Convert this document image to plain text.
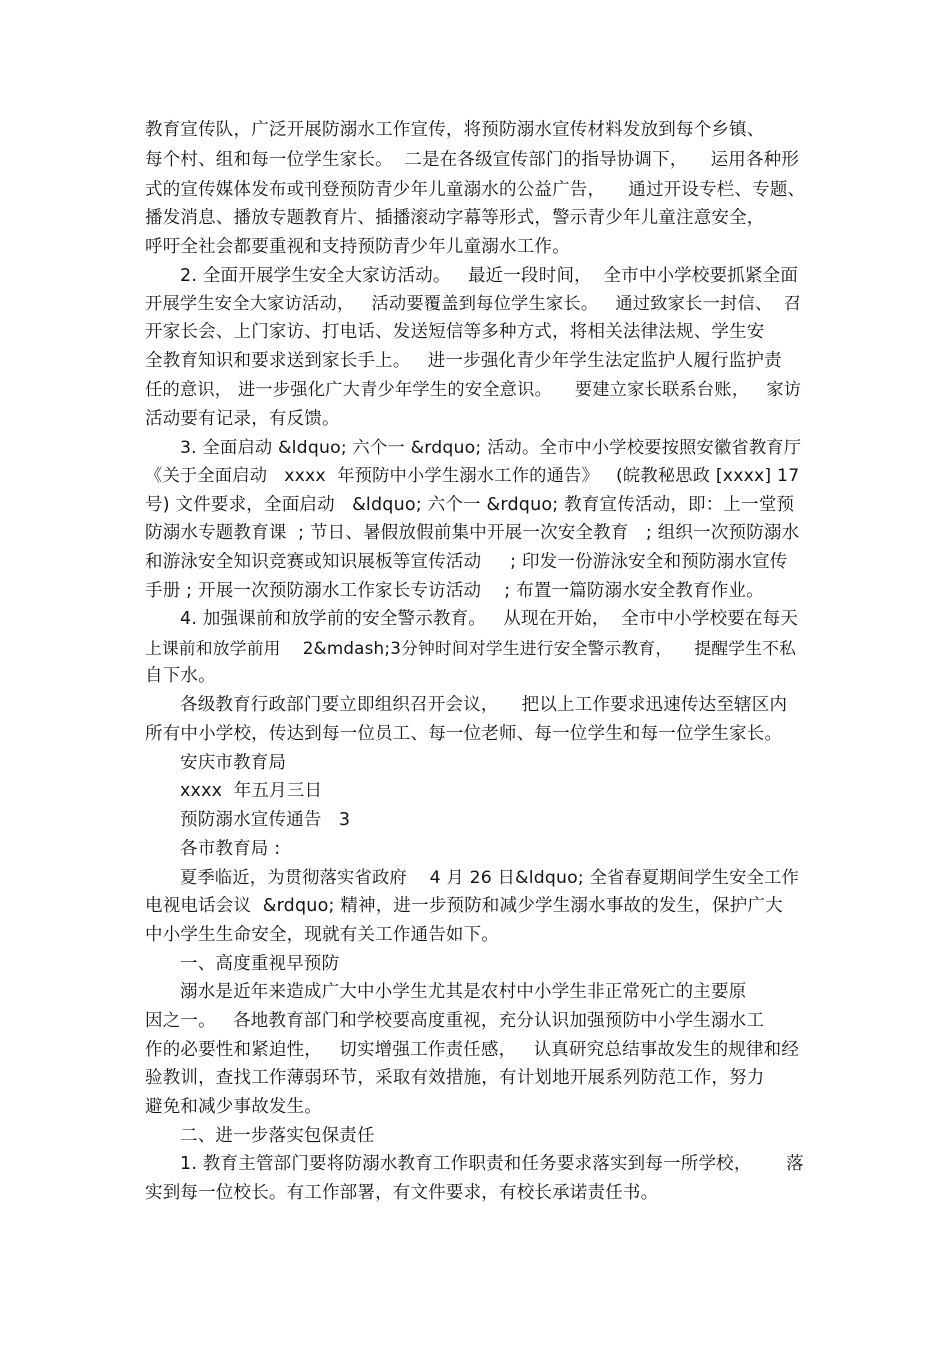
教育宣传队，广泛开展防溺水工作宣传，将预防溺水宣传材料发放到每个乡镇、
每个村、组和每一位学生家长。  二是在各级宣传部门的指导协调下，    运用各种形
式的宣传媒体发布或刊登预防青少年儿童溺水的公益广告，    通过开设专栏、专题、
播发消息、播放专题教育片、插播滚动字幕等形式，警示青少年儿童注意安全，
呼吁全社会都要重视和支持预防青少年儿童溺水工作。
2. 全面开展学生安全大家访活动。   最近一段时间，  全市中小学校要抓紧全面
开展学生安全大家访活动，   活动要覆盖到每位学生家长。   通过致家长一封信、  召
开家长会、上门家访、打电话、发送短信等多种方式，将相关法律法规、学生安
全教育知识和要求送到家长手上。   进一步强化青少年学生法定监护人履行监护责
任的意识， 进一步强化广大青少年学生的安全意识。    要建立家长联系台账，   家访
活动要有记录，有反馈。
3. 全面启动 &ldquo; 六个一 &rdquo; 活动。全市中小学校要按照安徽省教育厅
《关于全面启动   xxxx  年预防中小学生溺水工作的通告》   (皖教秘思政 [xxxx] 17
号) 文件要求，全面启动   &ldquo; 六个一 &rdquo; 教育宣传活动，即：上一堂预
防溺水专题教育课  ; 节日、暑假放假前集中开展一次安全教育   ; 组织一次预防溺水
和游泳安全知识竞赛或知识展板等宣传活动     ; 印发一份游泳安全和预防溺水宣传
手册 ; 开展一次预防溺水工作家长专访活动    ; 布置一篇防溺水安全教育作业。
4. 加强课前和放学前的安全警示教育。   从现在开始，  全市中小学校要在每天
上课前和放学前用    2&mdash;3分钟时间对学生进行安全警示教育，    提醒学生不私
自下水。
各级教育行政部门要立即组织召开会议，    把以上工作要求迅速传达至辖区内
所有中小学校，传达到每一位员工、每一位老师、每一位学生和每一位学生家长。
安庆市教育局
xxxx  年五月三日
预防溺水宣传通告   3
各市教育局 :
夏季临近，为贯彻落实省政府    4 月 26 日&ldquo; 全省春夏期间学生安全工作
电视电话会议  &rdquo; 精神，进一步预防和减少学生溺水事故的发生，保护广大
中小学生生命安全，现就有关工作通告如下。
一、高度重视早预防
溺水是近年来造成广大中小学生尤其是农村中小学生非正常死亡的主要原
因之一。   各地教育部门和学校要高度重视，充分认识加强预防中小学生溺水工
作的必要性和紧迫性，   切实增强工作责任感，   认真研究总结事故发生的规律和经
验教训，查找工作薄弱环节，采取有效措施，有计划地开展系列防范工作，努力
避免和减少事故发生。
二、进一步落实包保责任
1. 教育主管部门要将防溺水教育工作职责和任务要求落实到每一所学校，      落
实到每一位校长。有工作部署，有文件要求，有校长承诺责任书。
